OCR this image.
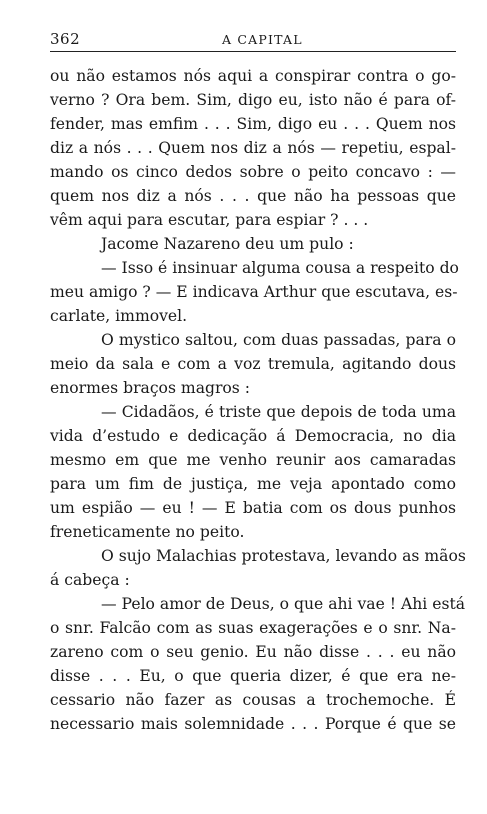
362	A CAPITAL
ou não estamos nós aqui a conspirar contra o go-
verno ? Ora bem. Sim, digo eu, isto não é para of-
fender, mas emfim . . . Sim, digo eu . . . Quem nos
diz a nós . . . Quem nos diz a nós — repetiu, espal-
mando os cinco dedos sobre o peito concavo : —
quem nos diz a nós . . . que não ha pessoas que
vêm aqui para escutar, para espiar ? . . .
Jacome Nazareno deu um pulo :
— Isso é insinuar alguma cousa a respeito do
meu amigo ? — E indicava Arthur que escutava, es-
carlate, immovel.
O mystico saltou, com duas passadas, para o
meio da sala e com a voz tremula, agitando dous
enormes braços magros :
— Cidadãos, é triste que depois de toda uma
vida d’estudo e dedicação á Democracia, no dia
mesmo em que me venho reunir aos camaradas
para um fim de justiça, me veja apontado como
um espião — eu ! — E batia com os dous punhos
freneticamente no peito.
O sujo Malachias protestava, levando as mãos
á cabeça :
— Pelo amor de Deus, o que ahi vae ! Ahi está
o snr. Falcão com as suas exagerações e o snr. Na-
zareno com o seu genio. Eu não disse . . . eu não
disse . . . Eu, o que queria dizer, é que era ne-
cessario não fazer as cousas a trochemoche. É
necessario mais solemnidade . . . Porque é que se
